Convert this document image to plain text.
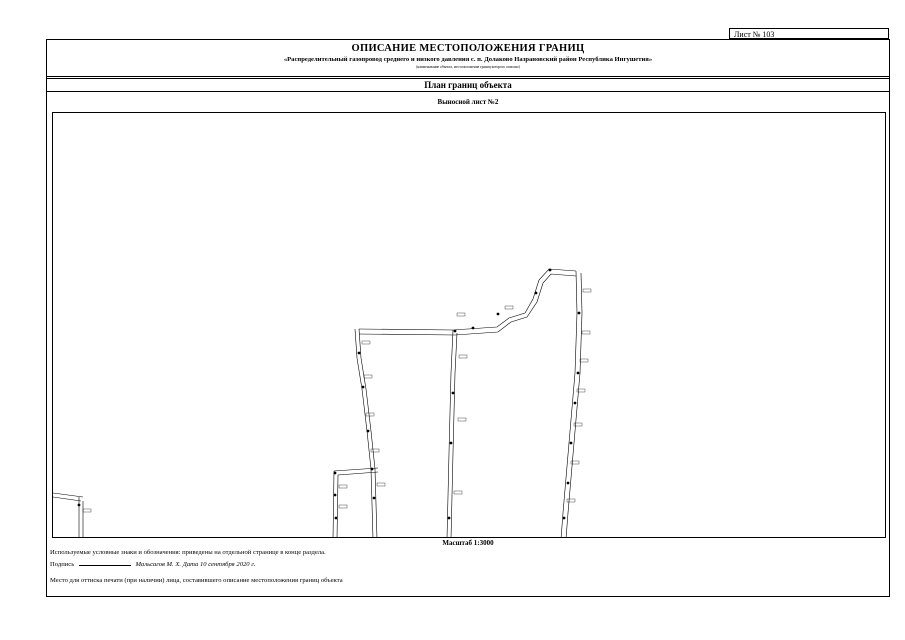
Лист № 103
ОПИСАНИЕ МЕСТОПОЛОЖЕНИЯ ГРАНИЦ
«Распределительный газопровод среднего и низкого давления с. п. Долаково Назрановский район Республика Ингушетия»
(наименование объекта, местоположение границ которого описано)
План границ объекта
Выносной лист №2
Масштаб 1:3000
Используемые условные знаки и обозначения: приведены на отдельной странице в конце раздела.
Подпись	Мальсагов М. Х. Дата 10 сентября 2020 г.
Место для оттиска печати (при наличии) лица, составившего описание местоположения границ объекта
